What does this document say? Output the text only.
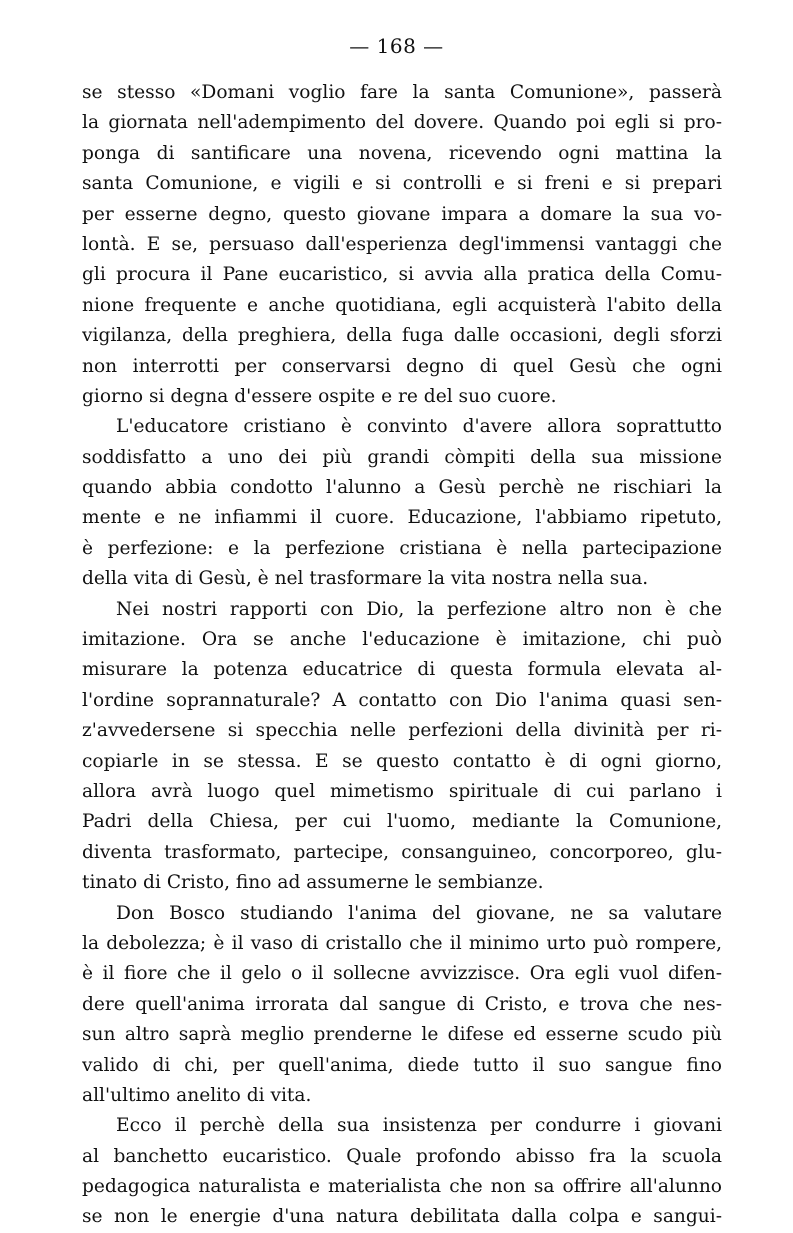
— 168 —
se stesso «Domani voglio fare la santa Comunione», passerà
la giornata nell'adempimento del dovere. Quando poi egli si pro-
ponga di santificare una novena, ricevendo ogni mattina la
santa Comunione, e vigili e si controlli e si freni e si prepari
per esserne degno, questo giovane impara a domare la sua vo-
lontà. E se, persuaso dall'esperienza degl'immensi vantaggi che
gli procura il Pane eucaristico, si avvia alla pratica della Comu-
nione frequente e anche quotidiana, egli acquisterà l'abito della
vigilanza, della preghiera, della fuga dalle occasioni, degli sforzi
non interrotti per conservarsi degno di quel Gesù che ogni
giorno si degna d'essere ospite e re del suo cuore.
L'educatore cristiano è convinto d'avere allora soprattutto
soddisfatto a uno dei più grandi còmpiti della sua missione
quando abbia condotto l'alunno a Gesù perchè ne rischiari la
mente e ne infiammi il cuore. Educazione, l'abbiamo ripetuto,
è perfezione: e la perfezione cristiana è nella partecipazione
della vita di Gesù, è nel trasformare la vita nostra nella sua.
Nei nostri rapporti con Dio, la perfezione altro non è che
imitazione. Ora se anche l'educazione è imitazione, chi può
misurare la potenza educatrice di questa formula elevata al-
l'ordine soprannaturale? A contatto con Dio l'anima quasi sen-
z'avvedersene si specchia nelle perfezioni della divinità per ri-
copiarle in se stessa. E se questo contatto è di ogni giorno,
allora avrà luogo quel mimetismo spirituale di cui parlano i
Padri della Chiesa, per cui l'uomo, mediante la Comunione,
diventa trasformato, partecipe, consanguineo, concorporeo, glu-
tinato di Cristo, fino ad assumerne le sembianze.
Don Bosco studiando l'anima del giovane, ne sa valutare
la debolezza; è il vaso di cristallo che il minimo urto può rompere,
è il fiore che il gelo o il sollecne avvizzisce. Ora egli vuol difen-
dere quell'anima irrorata dal sangue di Cristo, e trova che nes-
sun altro saprà meglio prenderne le difese ed esserne scudo più
valido di chi, per quell'anima, diede tutto il suo sangue fino
all'ultimo anelito di vita.
Ecco il perchè della sua insistenza per condurre i giovani
al banchetto eucaristico. Quale profondo abisso fra la scuola
pedagogica naturalista e materialista che non sa offrire all'alunno
se non le energie d'una natura debilitata dalla colpa e sangui-
